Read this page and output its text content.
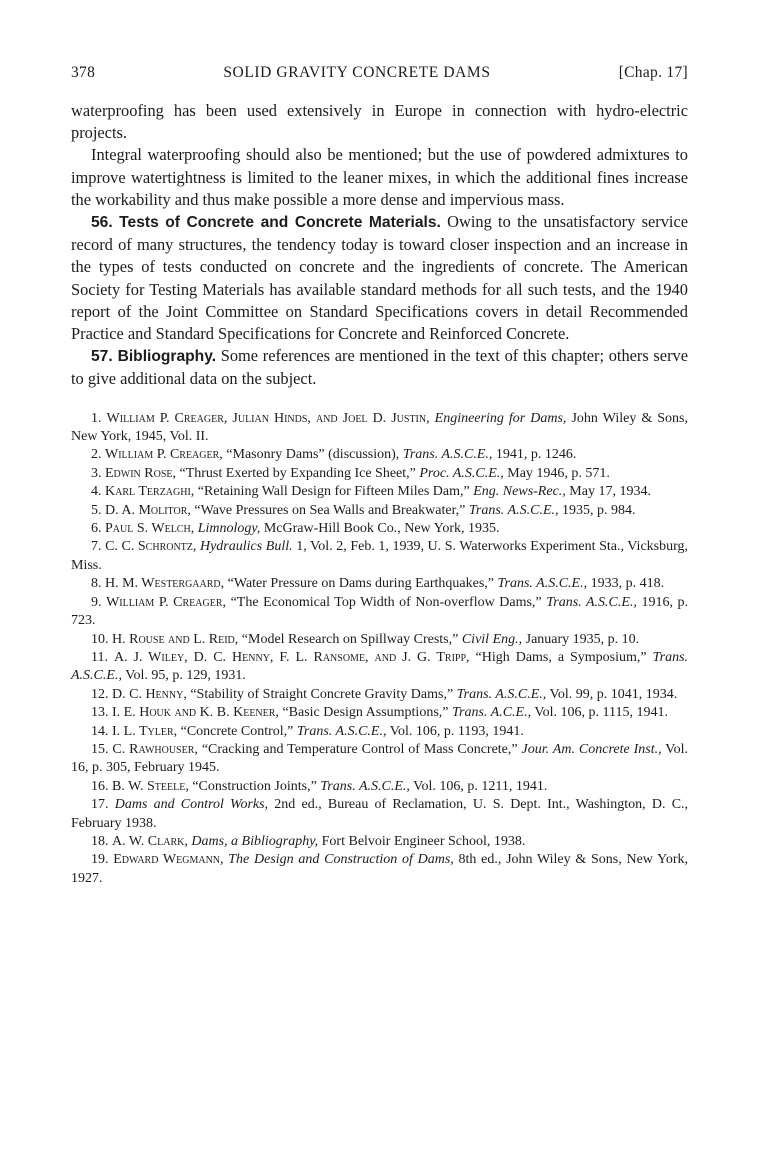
378	SOLID GRAVITY CONCRETE DAMS	[Chap. 17]

waterproofing has been used extensively in Europe in connection with hydro-electric projects.

Integral waterproofing should also be mentioned; but the use of powdered admixtures to improve watertightness is limited to the leaner mixes, in which the additional fines increase the workability and thus make possible a more dense and impervious mass.

56. Tests of Concrete and Concrete Materials. Owing to the unsatisfactory service record of many structures, the tendency today is toward closer inspection and an increase in the types of tests conducted on concrete and the ingredients of concrete. The American Society for Testing Materials has available standard methods for all such tests, and the 1940 report of the Joint Committee on Standard Specifications covers in detail Recommended Practice and Standard Specifications for Concrete and Reinforced Concrete.

57. Bibliography. Some references are mentioned in the text of this chapter; others serve to give additional data on the subject.

1. William P. Creager, Julian Hinds, and Joel D. Justin, Engineering for Dams, John Wiley & Sons, New York, 1945, Vol. II.

2. William P. Creager, “Masonry Dams” (discussion), Trans. A.S.C.E., 1941, p. 1246.

3. Edwin Rose, “Thrust Exerted by Expanding Ice Sheet,” Proc. A.S.C.E., May 1946, p. 571.

4. Karl Terzaghi, “Retaining Wall Design for Fifteen Miles Dam,” Eng. News-Rec., May 17, 1934.

5. D. A. Molitor, “Wave Pressures on Sea Walls and Breakwater,” Trans. A.S.C.E., 1935, p. 984.

6. Paul S. Welch, Limnology, McGraw-Hill Book Co., New York, 1935.

7. C. C. Schrontz, Hydraulics Bull. 1, Vol. 2, Feb. 1, 1939, U. S. Waterworks Experiment Sta., Vicksburg, Miss.

8. H. M. Westergaard, “Water Pressure on Dams during Earthquakes,” Trans. A.S.C.E., 1933, p. 418.

9. William P. Creager, “The Economical Top Width of Non-overflow Dams,” Trans. A.S.C.E., 1916, p. 723.

10. H. Rouse and L. Reid, “Model Research on Spillway Crests,” Civil Eng., January 1935, p. 10.

11. A. J. Wiley, D. C. Henny, F. L. Ransome, and J. G. Tripp, “High Dams, a Symposium,” Trans. A.S.C.E., Vol. 95, p. 129, 1931.

12. D. C. Henny, “Stability of Straight Concrete Gravity Dams,” Trans. A.S.C.E., Vol. 99, p. 1041, 1934.

13. I. E. Houk and K. B. Keener, “Basic Design Assumptions,” Trans. A.C.E., Vol. 106, p. 1115, 1941.

14. I. L. Tyler, “Concrete Control,” Trans. A.S.C.E., Vol. 106, p. 1193, 1941.

15. C. Rawhouser, “Cracking and Temperature Control of Mass Concrete,” Jour. Am. Concrete Inst., Vol. 16, p. 305, February 1945.

16. B. W. Steele, “Construction Joints,” Trans. A.S.C.E., Vol. 106, p. 1211, 1941.

17. Dams and Control Works, 2nd ed., Bureau of Reclamation, U. S. Dept. Int., Washington, D. C., February 1938.

18. A. W. Clark, Dams, a Bibliography, Fort Belvoir Engineer School, 1938.

19. Edward Wegmann, The Design and Construction of Dams, 8th ed., John Wiley & Sons, New York, 1927.
